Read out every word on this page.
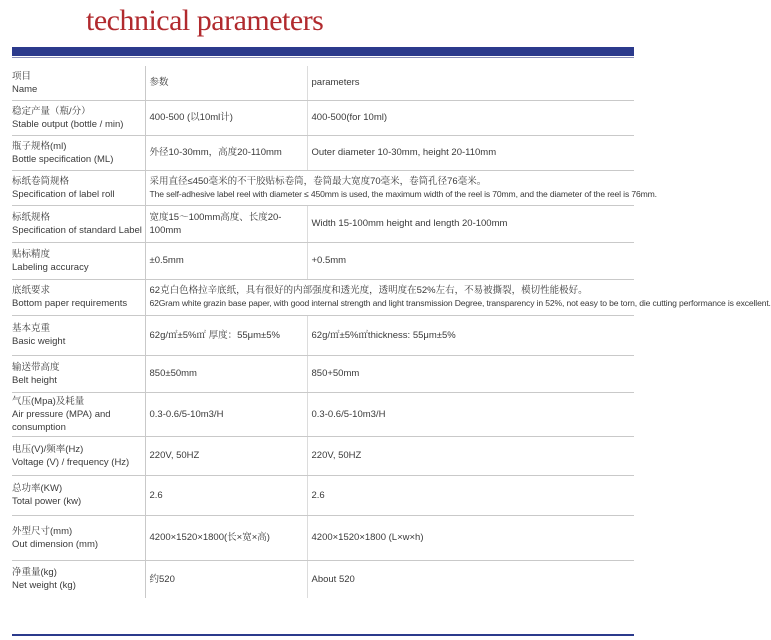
technical parameters
项目
Name	参数	parameters

稳定产量（瓶/分）
Stable output (bottle / min)	400-500 (以10ml计)	400-500(for 10ml)

瓶子规格(ml)
Bottle specification (ML)	外径10-30mm，高度20-110mm	Outer diameter 10-30mm, height 20-110mm

标纸卷筒规格
Specification of label roll	采用直径≤450毫米的不干胶贴标卷筒，卷筒最大宽度70毫米，卷筒孔径76毫米。
The self-adhesive label reel with diameter ≤ 450mm is used, the maximum width of the reel is 70mm, and the diameter of the reel is 76mm.	

标纸规格
Specification of standard Label	宽度15～100mm高度、长度20-100mm	Width 15-100mm height and length 20-100mm

贴标精度
Labeling accuracy	±0.5mm	+0.5mm

底纸要求
Bottom paper requirements	62克白色格拉辛底纸，具有很好的内部强度和透光度，透明度在52%左右，不易被撕裂，模切性能极好。
62Gram white grazin base paper, with good internal strength and light transmission Degree, transparency in 52%, not easy to be torn, die cutting performance is excellent.	

基本克重
Basic weight	62g/㎡±5%㎡ 厚度：55μm±5%	62g/㎡±5%㎡thickness: 55μm±5%

输送带高度
Belt height	850±50mm	850+50mm

气压(Mpa)及耗量
Air pressure (MPA) and consumption	0.3-0.6/5-10m3/H	0.3-0.6/5-10m3/H

电压(V)/频率(Hz)
Voltage (V) / frequency (Hz)	220V, 50HZ	220V, 50HZ

总功率(KW)
Total power (kw)	2.6	2.6

外型尺寸(mm)
Out dimension (mm)	4200×1520×1800(长×宽×高)	4200×1520×1800 (L×w×h)

净重量(kg)
Net weight (kg)	约520	About 520
